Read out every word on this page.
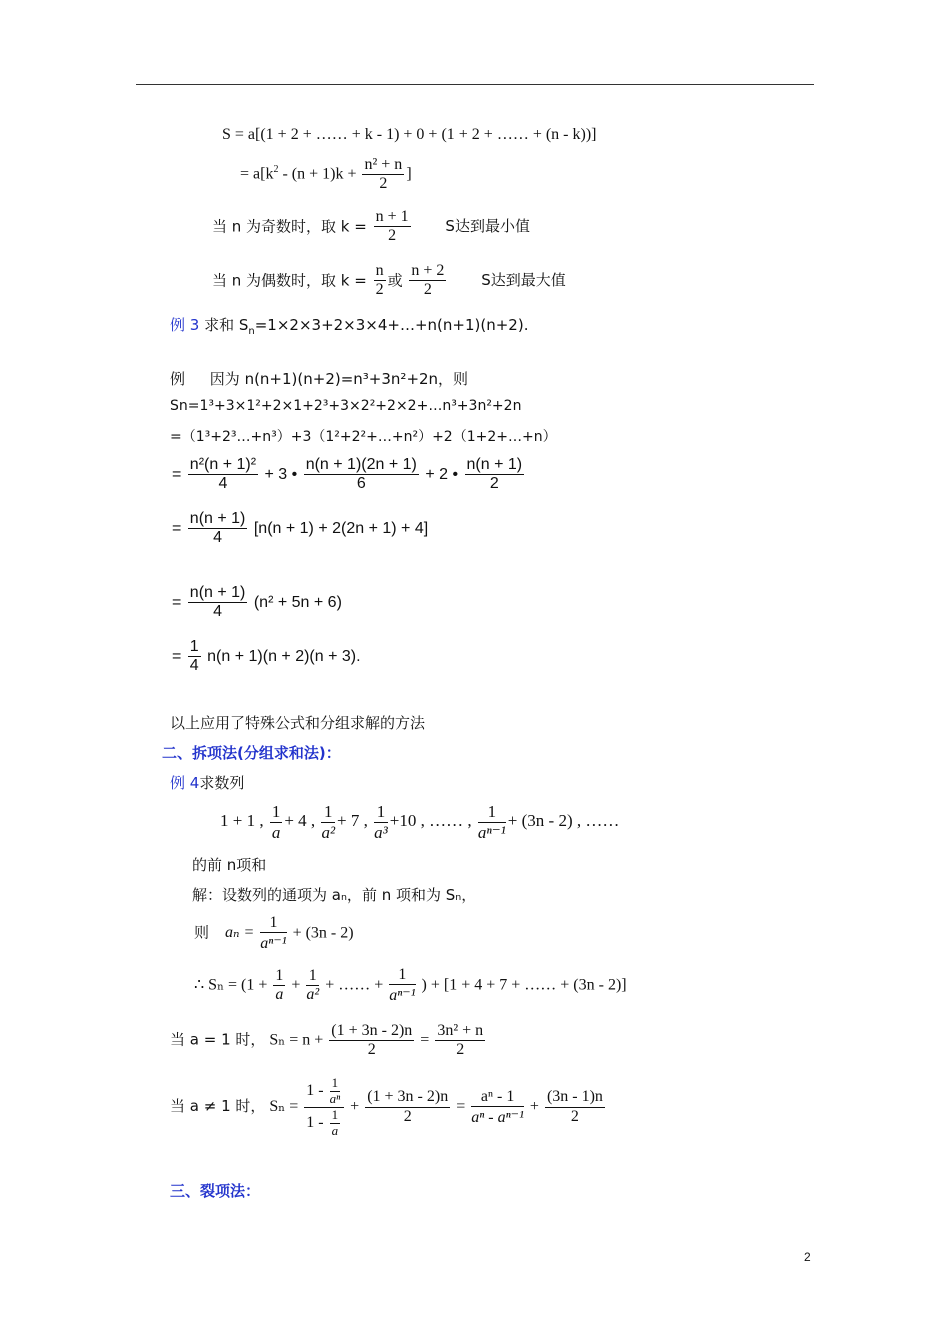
S = a[(1 + 2 + …… + k - 1) + 0 + (1 + 2 + …… + (n - k))]
= $a[k^2 - (n + 1)k + \frac{\text{n² + n}}{2}$ ]
当 n 为奇数时，取 $k = \frac{n + 1}{2}$ S达到最小值
当 n 为偶数时，取 $k = \frac{n}{2}$ 或 $\frac{n + 2}{2}$ S达到最大值
例 3 求和 $S_n=1\times 2\times 3+2\times 3\times 4+\dots+n(n+1)(n+2)$.
例 因为 n(n+1)(n+2)=n³+3n²+2n，则
Sn=1³+3×1²+2×1+2³+3×2²+2×2+…n³+3n²+2n
=（1³+2³…+n³）+3（1²+2²+…+n²）+2（1+2+…+n）
= $\frac{\text{n²(n + 1)²}}{4} + 3$ • $\frac{n(n + 1)(2n + 1)}{6} + 2$ • $\frac{n(n + 1)}{2}$
= $\frac{n(n + 1)}{4} [n(n + 1) + 2(2n + 1) + 4]$
= $\frac{n(n + 1)}{4} (n^2 + 5n + 6)$
= $\frac{1}{4} n(n + 1)(n + 2)(n + 3)$.
以上应用了特殊公式和分组求解的方法
二、拆项法(分组求和法)：
例 4求数列
1 + 1 , $\frac{1}{a} + 4$ , $\frac{1}{\text{a²}} + 7$ , $\frac{1}{\text{a³}} +10$ , …… , $\frac{1}{\text{aⁿ⁻¹}} + (3n - 2)$ , ……
的前 n项和
解：设数列的通项为 aₙ，前 n 项和为 Sₙ，
则 $a_n = \frac{1}{\text{aⁿ⁻¹}} + (3n - 2)$
∴ $S_n = (1 + \frac{1}{a} + \frac{1}{\text{a²}}$ + …… + $\frac{1}{\text{aⁿ⁻¹}}$ ) + [1 + 4 + 7 + …… + (3n - 2)]
当 a = 1 时， $S_n = n + \frac{(1 + 3n - 2)n}{2} = \frac{\text{3n² + n}}{2}$
当 a ≠ 1 时， $S_n = \frac{1 - \frac{1}{\text{aⁿ}}}{1 - \frac{1}{a}} + \frac{(1 + 3n - 2)n}{2} = \frac{\text{aⁿ - 1}}{\text{aⁿ - aⁿ⁻¹}} + \frac{(3n - 1)n}{2}$
三、裂项法：
2
